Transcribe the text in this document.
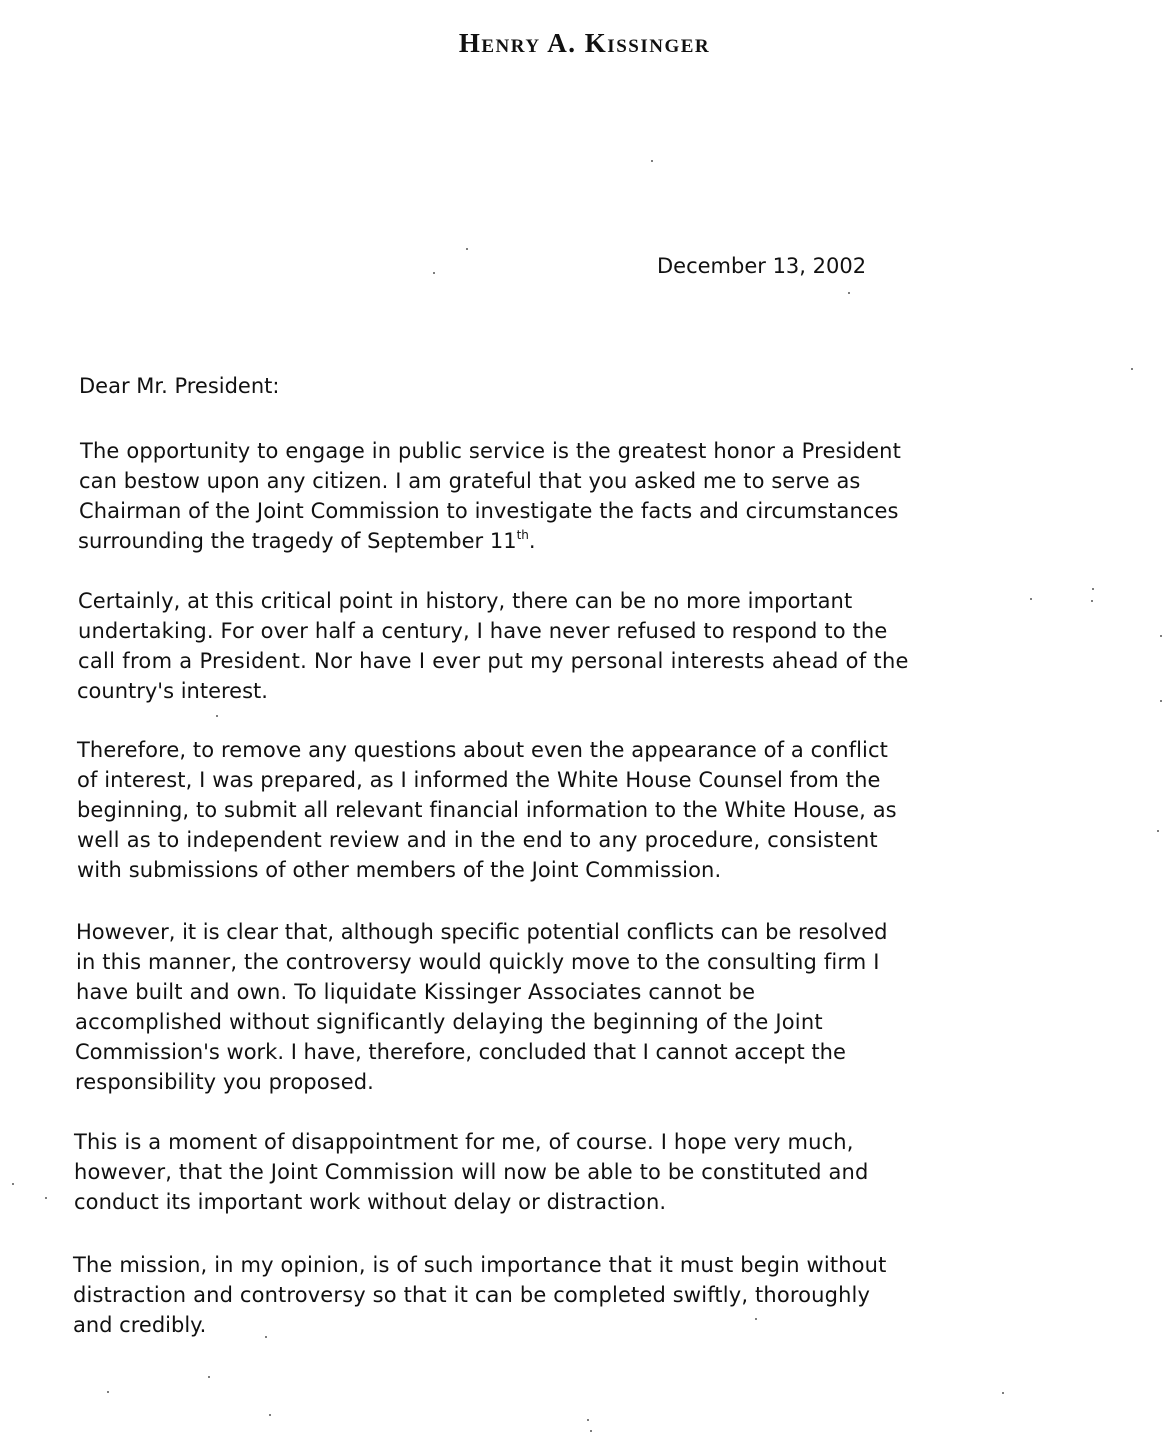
Henry A. Kissinger
December 13, 2002
Dear Mr. President:
The opportunity to engage in public service is the greatest honor a President
can bestow upon any citizen. I am grateful that you asked me to serve as
Chairman of the Joint Commission to investigate the facts and circumstances
surrounding the tragedy of September 11th.
Certainly, at this critical point in history, there can be no more important
undertaking. For over half a century, I have never refused to respond to the
call from a President. Nor have I ever put my personal interests ahead of the
country's interest.
Therefore, to remove any questions about even the appearance of a conflict
of interest, I was prepared, as I informed the White House Counsel from the
beginning, to submit all relevant financial information to the White House, as
well as to independent review and in the end to any procedure, consistent
with submissions of other members of the Joint Commission.
However, it is clear that, although specific potential conflicts can be resolved
in this manner, the controversy would quickly move to the consulting firm I
have built and own. To liquidate Kissinger Associates cannot be
accomplished without significantly delaying the beginning of the Joint
Commission's work. I have, therefore, concluded that I cannot accept the
responsibility you proposed.
This is a moment of disappointment for me, of course. I hope very much,
however, that the Joint Commission will now be able to be constituted and
conduct its important work without delay or distraction.
The mission, in my opinion, is of such importance that it must begin without
distraction and controversy so that it can be completed swiftly, thoroughly
and credibly.
